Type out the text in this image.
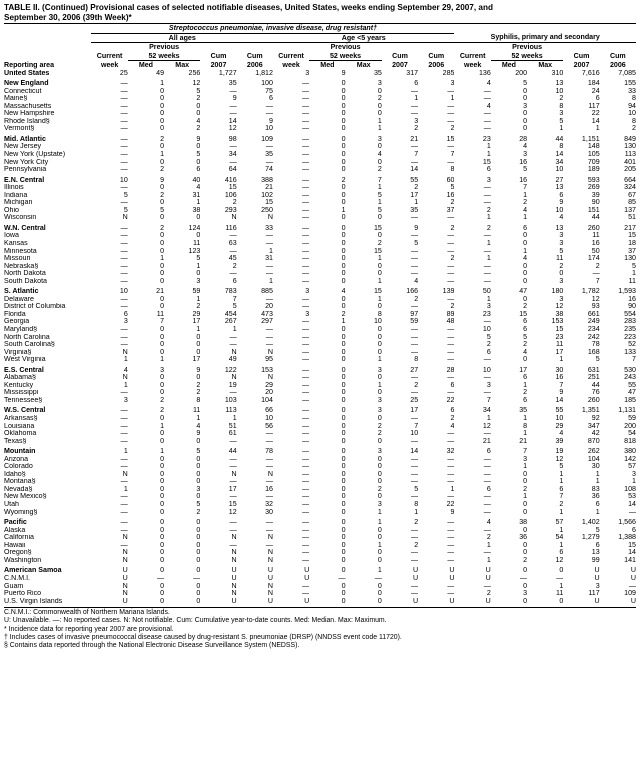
TABLE II. (Continued) Provisional cases of selected notifiable diseases, United States, weeks ending September 29, 2007, and
September 30, 2006 (39th Week)*
	Streptococcus pneumoniae, invasive disease, drug resistant†														
	All ages					Age <5 years					Syphilis, primary and secondary				
		Previous					Previous					Previous			
	Current	52 weeks		Cum	Cum	Current	52 weeks		Cum	Cum	Current	52 weeks		Cum	Cum
Reporting area	week	Med	Max	2007	2006	week	Med	Max	2007	2006	week	Med	Max	2007	2006
United States	25	49	256	1,727	1,812	3	9	35	317	285	136	200	310	7,616	7,085
New England	—	1	12	35	100	—	0	3	6	3	4	5	13	184	155
Connecticut	—	0	5	—	75	—	0	0	—	—	—	0	10	24	33
Maine§	—	0	2	9	6	—	0	2	1	1	—	0	2	6	8
Massachusetts	—	0	0	—	—	—	0	0	—	—	4	3	8	117	94
New Hampshire	—	0	0	—	—	—	0	0	—	—	—	0	3	22	10
Rhode Island§	—	0	4	14	9	—	0	1	3	—	—	0	5	14	8
Vermont§	—	0	2	12	10	—	0	1	2	2	—	0	1	1	2
Mid. Atlantic	—	2	9	98	109	—	0	3	21	15	23	28	44	1,151	849
New Jersey	—	0	0	—	—	—	0	0	—	—	1	4	8	148	130
New York (Upstate)	—	1	5	34	35	—	0	4	7	7	1	3	14	105	113
New York City	—	0	0	—	—	—	0	0	—	—	15	16	34	709	401
Pennsylvania	—	2	6	64	74	—	0	2	14	8	6	5	10	189	205
E.N. Central	10	9	40	416	388	—	2	7	55	60	3	16	27	593	664
Illinois	—	0	4	15	21	—	0	1	2	5	—	7	13	269	324
Indiana	5	2	31	106	102	—	0	5	17	16	—	1	6	39	67
Michigan	—	0	1	2	15	—	0	1	1	2	—	2	9	90	85
Ohio	5	5	38	293	250	—	1	5	35	37	2	4	10	151	137
Wisconsin	N	0	0	N	N	—	0	0	—	—	1	1	4	44	51
W.N. Central	—	2	124	116	33	—	0	15	9	2	2	6	13	260	217
Iowa	—	0	0	—	—	—	0	0	—	—	—	0	3	11	15
Kansas	—	0	11	63	—	—	0	2	5	—	1	0	3	16	18
Minnesota	—	0	123	—	1	—	0	15	—	—	—	1	5	50	37
Missouri	—	1	5	45	31	—	0	1	—	2	1	4	11	174	130
Nebraska§	—	0	1	2	—	—	0	0	—	—	—	0	2	2	5
North Dakota	—	0	0	—	—	—	0	0	—	—	—	0	0	—	1
South Dakota	—	0	3	6	1	—	0	1	4	—	—	0	3	7	11
S. Atlantic	10	21	59	783	885	3	4	15	166	139	50	47	180	1,782	1,593
Delaware	—	0	1	7	—	—	0	1	2	—	1	0	3	12	16
District of Columbia	—	0	2	5	20	—	0	0	—	2	3	2	12	93	90
Florida	6	11	29	454	473	3	2	8	97	89	23	15	38	661	554
Georgia	3	7	17	267	297	—	1	10	59	48	—	6	153	249	283
Maryland§	—	0	1	1	—	—	0	0	—	—	10	6	15	234	235
North Carolina	—	0	0	—	—	—	0	0	—	—	5	5	23	242	223
South Carolina§	—	0	0	—	—	—	0	0	—	—	2	2	11	78	52
Virginia§	N	0	0	N	N	—	0	0	—	—	6	4	17	168	133
West Virginia	1	1	17	49	95	—	0	1	8	—	—	0	1	5	7
E.S. Central	4	3	9	122	153	—	0	3	27	28	10	17	30	631	530
Alabama§	N	0	0	N	N	—	0	0	—	—	—	6	16	251	243
Kentucky	1	0	2	19	29	—	0	1	2	6	3	1	7	44	55
Mississippi	—	0	2	—	20	—	0	0	—	—	—	2	9	76	47
Tennessee§	3	2	8	103	104	—	0	3	25	22	7	6	14	260	185
W.S. Central	—	2	11	113	66	—	0	3	17	6	34	35	55	1,351	1,131
Arkansas§	—	0	1	1	10	—	0	0	—	2	1	1	10	92	59
Louisiana	—	1	4	51	56	—	0	2	7	4	12	8	29	347	200
Oklahoma	—	0	9	61	—	—	0	2	10	—	—	1	4	42	54
Texas§	—	0	0	—	—	—	0	0	—	—	21	21	39	870	818
Mountain	1	1	5	44	78	—	0	3	14	32	6	7	19	262	380
Arizona	—	0	0	—	—	—	0	0	—	—	—	3	12	104	142
Colorado	—	0	0	—	—	—	0	0	—	—	—	1	5	30	57
Idaho§	N	0	0	N	N	—	0	0	—	—	—	0	1	1	3
Montana§	—	0	0	—	—	—	0	0	—	—	—	0	1	1	1
Nevada§	1	0	3	17	16	—	0	2	5	1	6	2	6	83	108
New Mexico§	—	0	0	—	—	—	0	0	—	—	—	1	7	36	53
Utah	—	0	5	15	32	—	0	3	8	22	—	0	2	6	14
Wyoming§	—	0	2	12	30	—	0	1	1	9	—	0	1	1	—
Pacific	—	0	0	—	—	—	0	1	2	—	4	38	57	1,402	1,566
Alaska	—	0	0	—	—	—	0	0	—	—	—	0	1	5	6
California	N	0	0	N	N	—	0	0	—	—	2	36	54	1,279	1,388
Hawaii	—	0	0	—	—	—	0	1	2	—	1	0	1	6	15
Oregon§	N	0	0	N	N	—	0	0	—	—	—	0	6	13	14
Washington	N	0	0	N	N	—	0	0	—	—	1	2	12	99	141
American Samoa	U	0	0	U	U	U	0	1	U	U	U	0	0	U	U
C.N.M.I.	U	—	—	U	U	U	—	—	U	U	U	—	—	U	U
Guam	N	0	0	N	N	—	0	0	—	—	—	0	1	3	—
Puerto Rico	N	0	0	N	N	—	0	0	—	—	2	3	11	117	109
U.S. Virgin Islands	U	0	0	U	U	U	0	0	U	U	U	0	0	U	U
C.N.M.I.: Commonwealth of Northern Mariana Islands.
U: Unavailable. —: No reported cases. N: Not notifiable. Cum: Cumulative year-to-date counts. Med: Median. Max: Maximum.
* Incidence data for reporting year 2007 are provisional.
† Includes cases of invasive pneumococcal disease caused by drug-resistant S. pneumoniae (DRSP) (NNDSS event code 11720).
§ Contains data reported through the National Electronic Disease Surveillance System (NEDSS).
